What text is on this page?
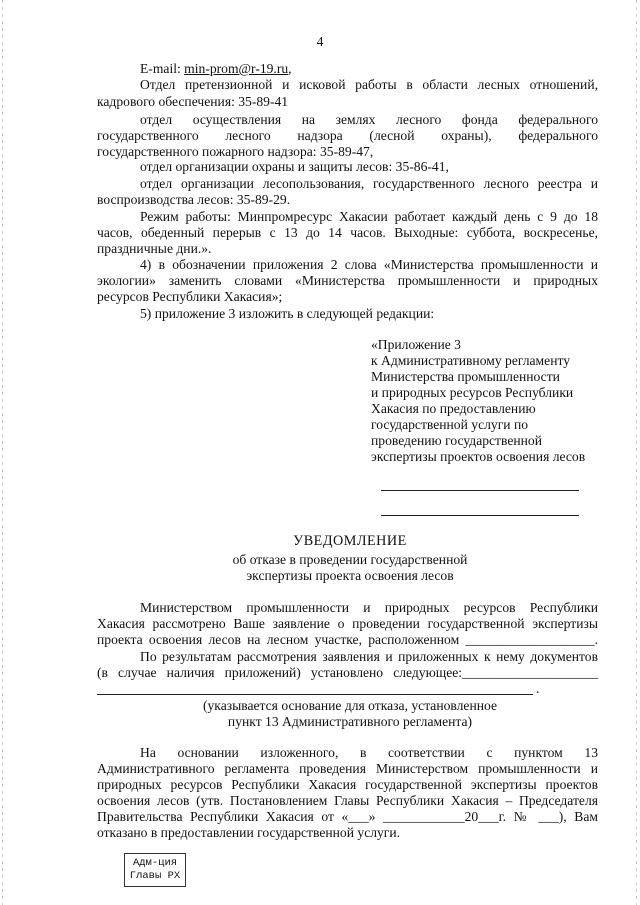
4
E-mail: min-prom@r-19.ru,
Отдел претензионной и исковой работы в области лесных отношений,
кадрового обеспечения: 35-89-41
отдел осуществления на землях лесного фонда федерального
государственного лесного надзора (лесной охраны), федерального
государственного пожарного надзора: 35-89-47,
отдел организации охраны и защиты лесов: 35-86-41,
отдел организации лесопользования, государственного лесного реестра и
воспроизводства лесов: 35-89-29.
Режим работы: Минпромресурс Хакасии работает каждый день с 9 до 18
часов, обеденный перерыв с 13 до 14 часов. Выходные: суббота, воскресенье,
праздничные дни.».
4) в обозначении приложения 2 слова «Министерства промышленности и
экологии» заменить словами «Министерства промышленности и природных
ресурсов Республики Хакасия»;
5) приложение 3 изложить в следующей редакции:
«Приложение 3
к Административному регламенту
Министерства промышленности
и природных ресурсов Республики
Хакасия по предоставлению
государственной услуги по
проведению государственной
экспертизы проектов освоения лесов
УВЕДОМЛЕНИЕ
об отказе в проведении государственной
экспертизы проекта освоения лесов
Министерством промышленности и природных ресурсов Республики
Хакасия рассмотрено Ваше заявление о проведении государственной экспертизы
проекта освоения лесов на лесном участке, расположенном ___________________.
По результатам рассмотрения заявления и приложенных к нему документов
(в случае наличия приложений) установлено следующее:____________________
.
(указывается основание для отказа, установленное
пункт 13 Административного регламента)
На основании изложенного, в соответствии с пунктом 13
Административного регламента проведения Министерством промышленности и
природных ресурсов Республики Хакасия государственной экспертизы проектов
освоения лесов (утв. Постановлением Главы Республики Хакасия – Председателя
Правительства Республики Хакасия от «___» ____________20___г. № ___), Вам
отказано в предоставлении государственной услуги.
Адм-ция
Главы РХ
